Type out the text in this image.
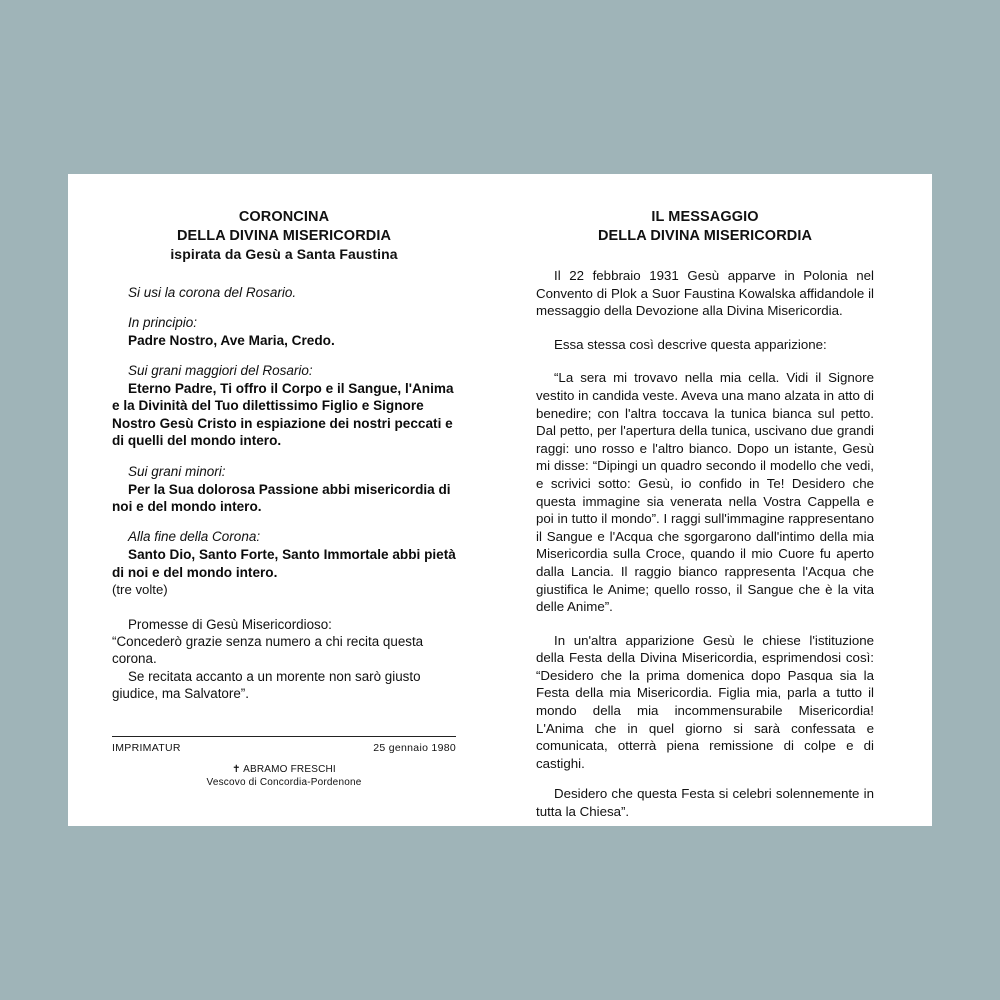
CORONCINA
DELLA DIVINA MISERICORDIA
ispirata da Gesù a Santa Faustina
Si usi la corona del Rosario.
In principio:
Padre Nostro, Ave Maria, Credo.
Sui grani maggiori del Rosario:
Eterno Padre, Ti offro il Corpo e il Sangue, l'Anima e la Divinità del Tuo dilettissimo Figlio e Signore Nostro Gesù Cristo in espiazione dei nostri peccati e di quelli del mondo intero.
Sui grani minori:
Per la Sua dolorosa Passione abbi misericordia di noi e del mondo intero.
Alla fine della Corona:
Santo Dio, Santo Forte, Santo Immortale abbi pietà di noi e del mondo intero.
(tre volte)
Promesse di Gesù Misericordioso:
“Concederò grazie senza numero a chi recita questa corona.
Se recitata accanto a un morente non sarò giusto giudice, ma Salvatore”.
IMPRIMATUR	25 gennaio 1980
✝ ABRAMO FRESCHI
Vescovo di Concordia-Pordenone
IL MESSAGGIO
DELLA DIVINA MISERICORDIA
Il 22 febbraio 1931 Gesù apparve in Polonia nel Convento di Plok a Suor Faustina Kowalska affidandole il messaggio della Devozione alla Divina Misericordia.
Essa stessa così descrive questa apparizione:
“La sera mi trovavo nella mia cella. Vidi il Signore vestito in candida veste. Aveva una mano alzata in atto di benedire; con l'altra toccava la tunica bianca sul petto. Dal petto, per l'apertura della tunica, uscivano due grandi raggi: uno rosso e l'altro bianco. Dopo un istante, Gesù mi disse: “Dipingi un quadro secondo il modello che vedi, e scrivici sotto: Gesù, io confido in Te! Desidero che questa immagine sia venerata nella Vostra Cappella e poi in tutto il mondo”. I raggi sull'immagine rappresentano il Sangue e l'Acqua che sgorgarono dall'intimo della mia Misericordia sulla Croce, quando il mio Cuore fu aperto dalla Lancia. Il raggio bianco rappresenta l'Acqua che giustifica le Anime; quello rosso, il Sangue che è la vita delle Anime”.
In un'altra apparizione Gesù le chiese l'istituzione della Festa della Divina Misericordia, esprimendosi così: “Desidero che la prima domenica dopo Pasqua sia la Festa della mia Misericordia. Figlia mia, parla a tutto il mondo della mia incommensurabile Misericordia! L'Anima che in quel giorno si sarà confessata e comunicata, otterrà piena remissione di colpe e di castighi.
Desidero che questa Festa si celebri solennemente in tutta la Chiesa”.
